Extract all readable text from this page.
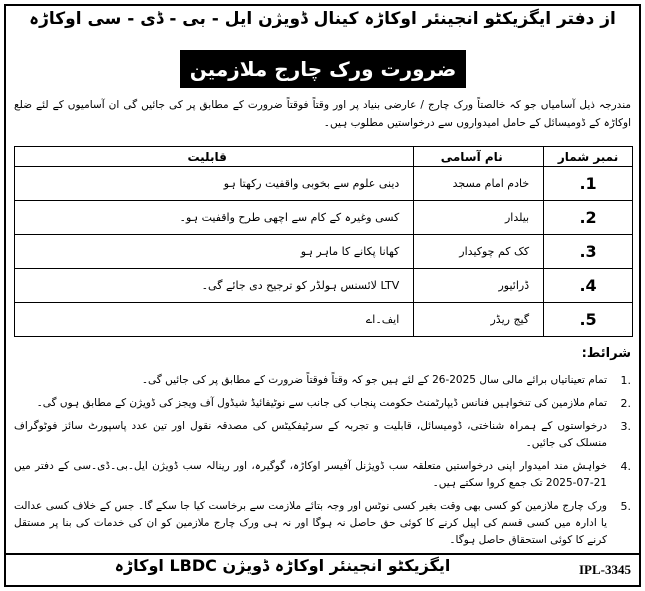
از دفتر ایگزیکٹو انجینئر اوکاڑہ کینال ڈویژن ایل - بی - ڈی - سی اوکاڑہ
ضرورت ورک چارج ملازمین

مندرجہ ذیل آسامیاں جو کہ خالصتاً ورک چارج / عارضی بنیاد پر اور وقتاً فوقتاً ضرورت کے مطابق پر کی جائیں گی ان آسامیوں کے لئے ضلع اوکاڑہ کے ڈومیسائل کے حامل امیدواروں سے درخواستیں مطلوب ہیں۔

نمبر شمار	نام آسامی	قابلیت
1.	خادم امام مسجد	دینی علوم سے بخوبی واقفیت رکھتا ہو
2.	بیلدار	کسی وغیرہ کے کام سے اچھی طرح واقفیت ہو۔
3.	کک کم چوکیدار	کھانا پکانے کا ماہر ہو
4.	ڈرائیور	LTV لائسنس ہولڈر کو ترجیح دی جائے گی۔
5.	گیج ریڈر	ایف۔اے
شرائط:
1.
تمام تعیناتیاں برائے مالی سال 2025-26 کے لئے ہیں جو کہ وقتاً فوقتاً ضرورت کے مطابق پر کی جائیں گی۔
2.
تمام ملازمین کی تنخواہیں فنانس ڈیپارٹمنٹ حکومت پنجاب کی جانب سے نوٹیفائیڈ شیڈول آف ویجز کی ڈویژن کے مطابق ہوں گی۔
3.
درخواستوں کے ہمراہ شناختی، ڈومیسائل، قابلیت و تجربہ کے سرٹیفکیٹس کی مصدقہ نقول اور تین عدد پاسپورٹ سائز فوٹوگراف منسلک کی جائیں۔
4.
خواہش مند امیدوار اپنی درخواستیں متعلقہ سب ڈویژنل آفیسر اوکاڑہ، گوگیرہ، اور رینالہ سب ڈویژن ایل۔بی۔ڈی۔سی کے دفتر میں 21-07-2025 تک جمع کروا سکتے ہیں۔
5.
ورک چارج ملازمین کو کسی بھی وقت بغیر کسی نوٹس اور وجہ بتائے ملازمت سے برخاست کیا جا سکے گا۔ جس کے خلاف کسی عدالت یا ادارہ میں کسی قسم کی اپیل کرنے کا کوئی حق حاصل نہ ہوگا اور نہ ہی ورک چارج ملازمین کو ان کی خدمات کی بنا پر مستقل کرنے کا کوئی استحقاق حاصل ہوگا۔
ایگزیکٹو انجینئر اوکاڑہ ڈویژن LBDC اوکاڑہ	IPL-3345
